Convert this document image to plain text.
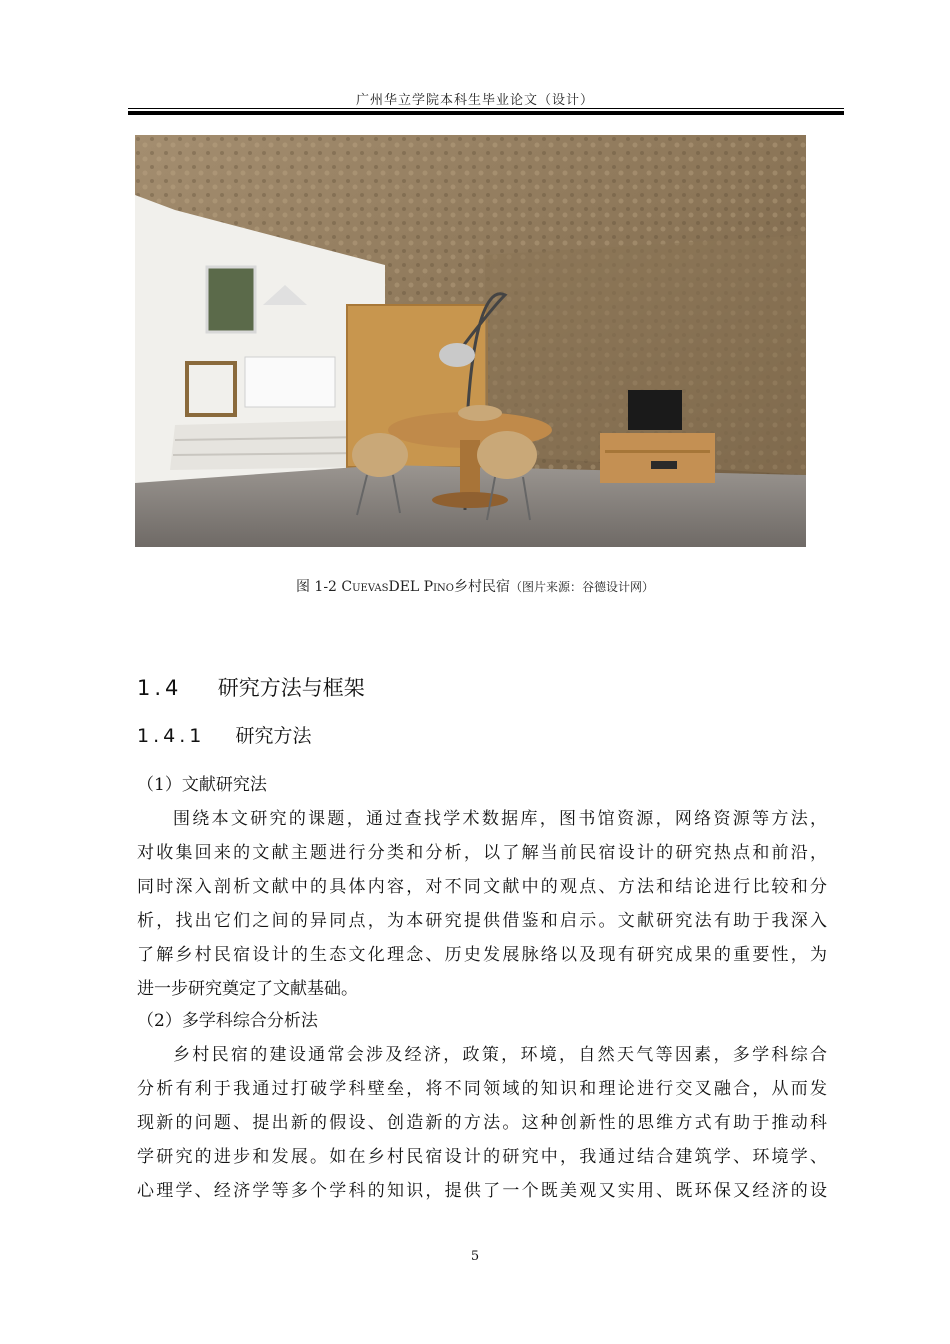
广州华立学院本科生毕业论文（设计）
图 1-2 CuevasDEL Pino乡村民宿（图片来源：谷德设计网）
1.4 研究方法与框架
1.4.1 研究方法
（1）文献研究法
围绕本文研究的课题，通过查找学术数据库，图书馆资源，网络资源等方法，
对收集回来的文献主题进行分类和分析，以了解当前民宿设计的研究热点和前沿，
同时深入剖析文献中的具体内容，对不同文献中的观点、方法和结论进行比较和分
析，找出它们之间的异同点，为本研究提供借鉴和启示。文献研究法有助于我深入
了解乡村民宿设计的生态文化理念、历史发展脉络以及现有研究成果的重要性，为
进一步研究奠定了文献基础。
（2）多学科综合分析法
乡村民宿的建设通常会涉及经济，政策，环境，自然天气等因素，多学科综合
分析有利于我通过打破学科壁垒，将不同领域的知识和理论进行交叉融合，从而发
现新的问题、提出新的假设、创造新的方法。这种创新性的思维方式有助于推动科
学研究的进步和发展。如在乡村民宿设计的研究中，我通过结合建筑学、环境学、
心理学、经济学等多个学科的知识，提供了一个既美观又实用、既环保又经济的设
5
